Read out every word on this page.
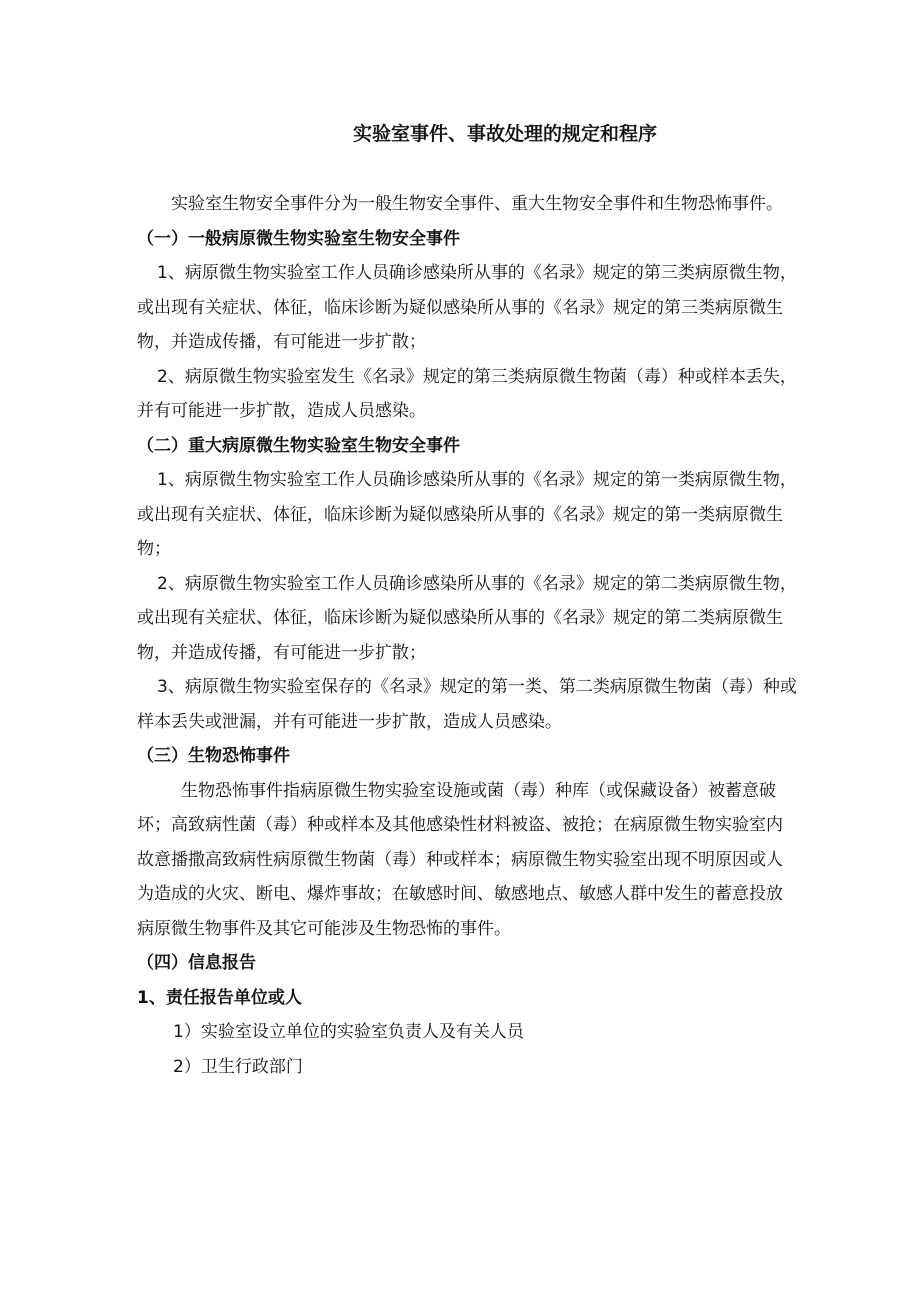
实验室事件、事故处理的规定和程序

实验室生物安全事件分为一般生物安全事件、重大生物安全事件和生物恐怖事件。

（一）一般病原微生物实验室生物安全事件

1、病原微生物实验室工作人员确诊感染所从事的《名录》规定的第三类病原微生物，或出现有关症状、体征，临床诊断为疑似感染所从事的《名录》规定的第三类病原微生物，并造成传播，有可能进一步扩散；

2、病原微生物实验室发生《名录》规定的第三类病原微生物菌（毒）种或样本丢失，并有可能进一步扩散，造成人员感染。

（二）重大病原微生物实验室生物安全事件

1、病原微生物实验室工作人员确诊感染所从事的《名录》规定的第一类病原微生物，或出现有关症状、体征，临床诊断为疑似感染所从事的《名录》规定的第一类病原微生物；

2、病原微生物实验室工作人员确诊感染所从事的《名录》规定的第二类病原微生物，或出现有关症状、体征，临床诊断为疑似感染所从事的《名录》规定的第二类病原微生物，并造成传播，有可能进一步扩散；

3、病原微生物实验室保存的《名录》规定的第一类、第二类病原微生物菌（毒）种或样本丢失或泄漏，并有可能进一步扩散，造成人员感染。

（三）生物恐怖事件

生物恐怖事件指病原微生物实验室设施或菌（毒）种库（或保藏设备）被蓄意破坏；高致病性菌（毒）种或样本及其他感染性材料被盗、被抢；在病原微生物实验室内故意播撒高致病性病原微生物菌（毒）种或样本；病原微生物实验室出现不明原因或人为造成的火灾、断电、爆炸事故；在敏感时间、敏感地点、敏感人群中发生的蓄意投放病原微生物事件及其它可能涉及生物恐怖的事件。

（四）信息报告

1、责任报告单位或人

1）实验室设立单位的实验室负责人及有关人员

2）卫生行政部门
